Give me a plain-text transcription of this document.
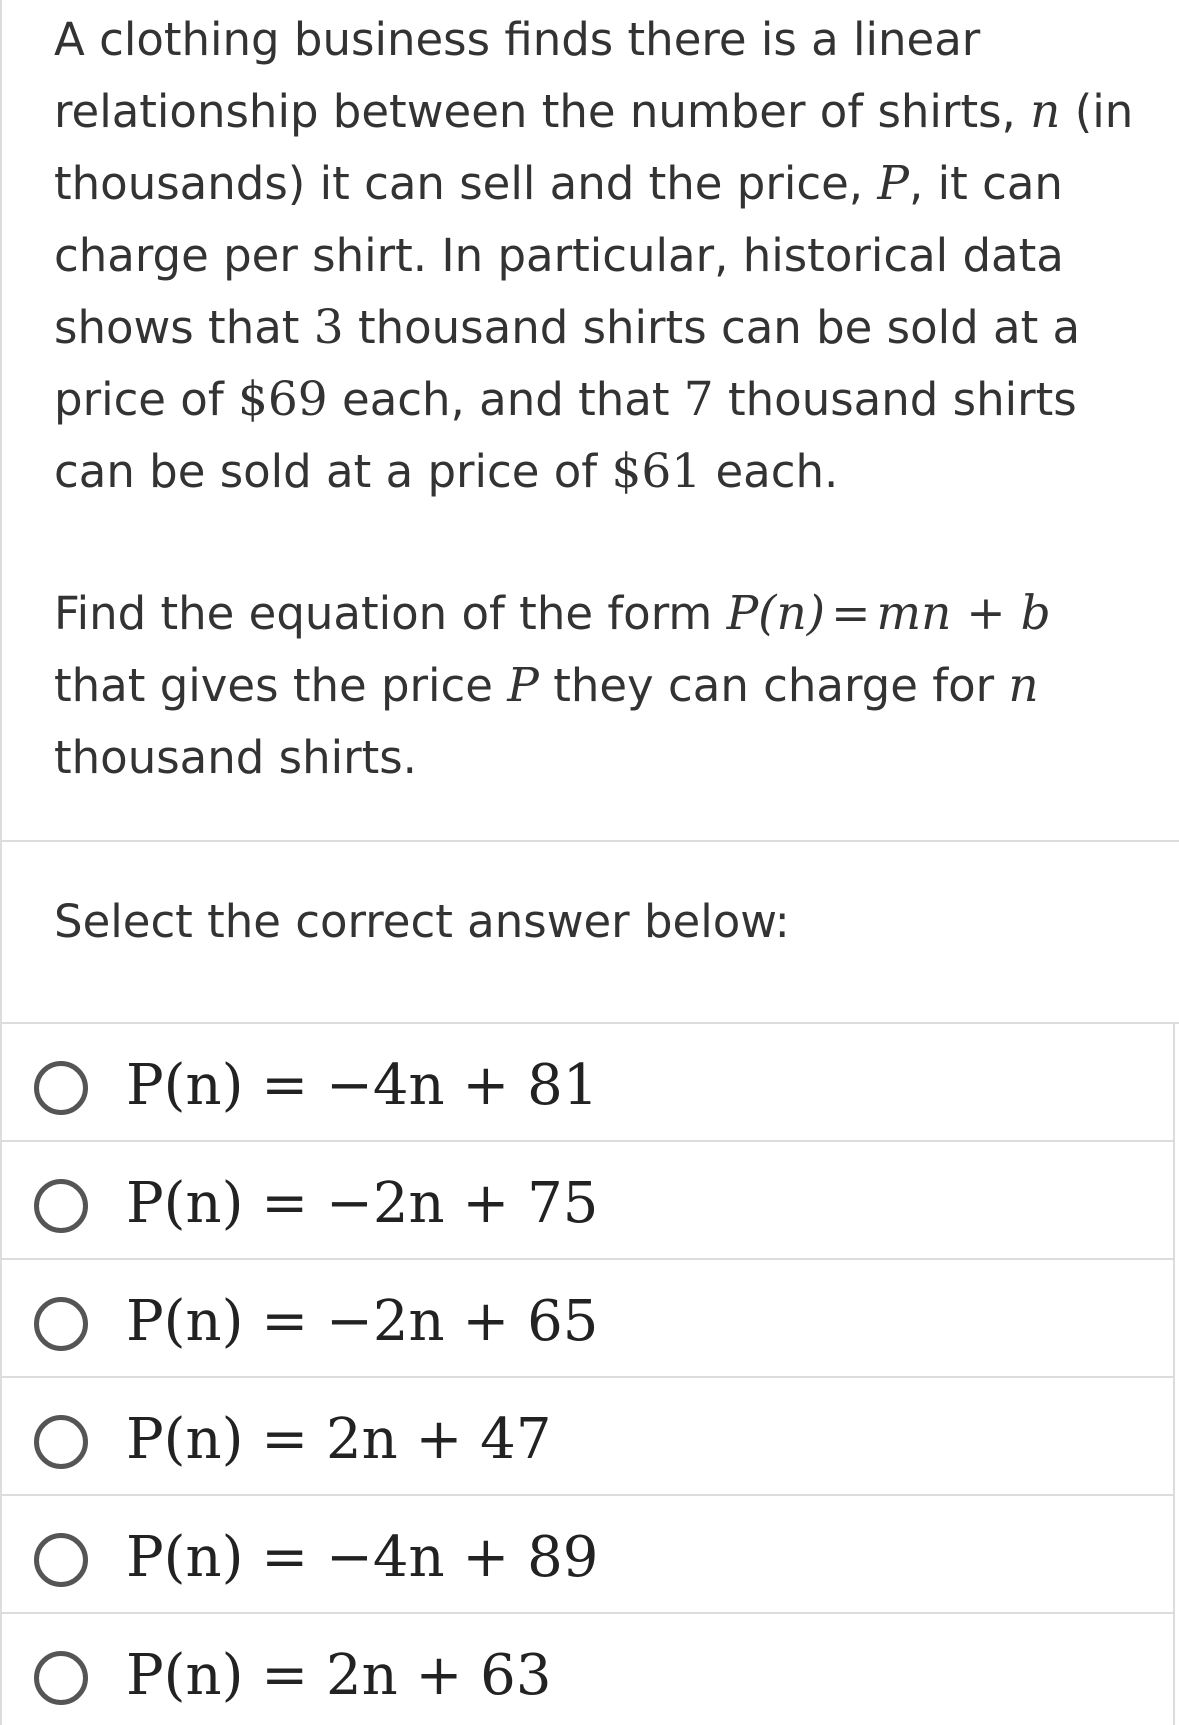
A clothing business finds there is a linear relationship between the number of shirts, n (in thousands) it can sell and the price, P, it can charge per shirt. In particular, historical data shows that 3 thousand shirts can be sold at a price of $69 each, and that 7 thousand shirts can be sold at a price of $61 each.

Find the equation of the form P(n) = mn + b that gives the price P they can charge for n thousand shirts.

Select the correct answer below:

P(n) = −4n + 81
P(n) = −2n + 75
P(n) = −2n + 65
P(n) = 2n + 47
P(n) = −4n + 89
P(n) = 2n + 63
